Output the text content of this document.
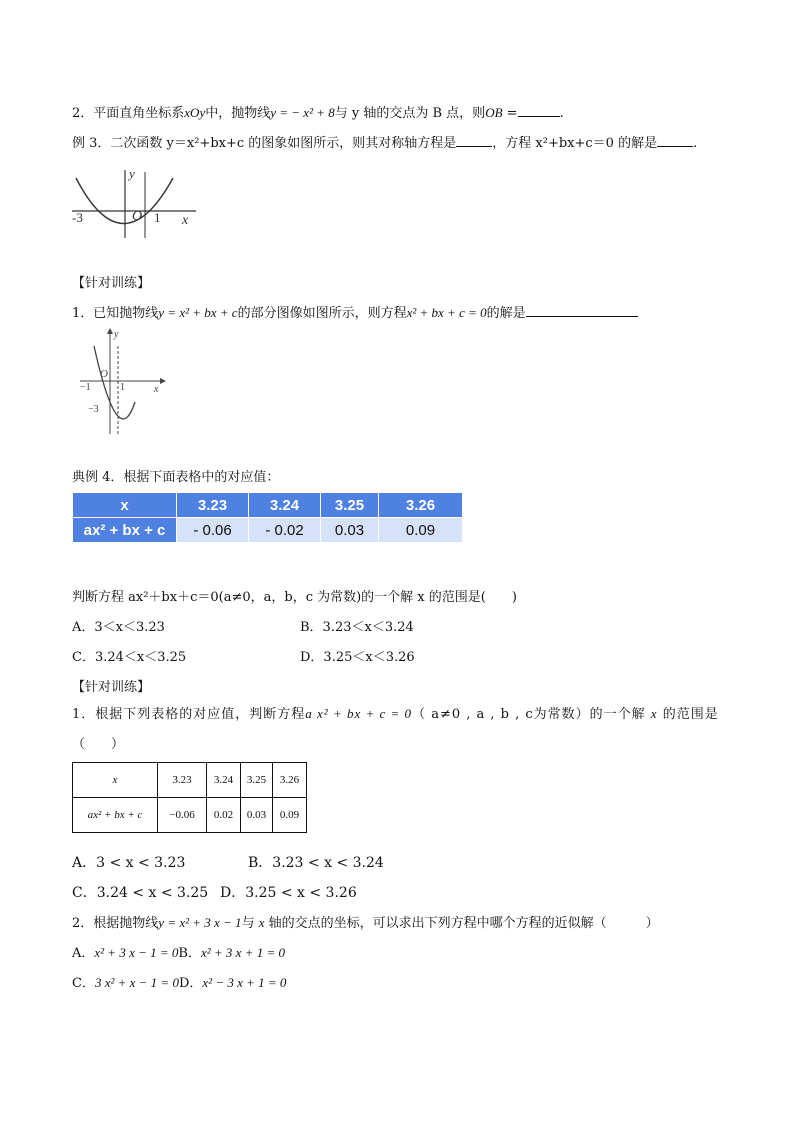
2．平面直角坐标系xOy中，抛物线y = − x² + 8与 y 轴的交点为 B 点，则OB =	.
例 3．二次函数 y＝x²+bx+c 的图象如图所示，则其对称轴方程是	，方程 x²+bx+c＝0 的解是	.
y
x
O
-3	1
【针对训练】
1．已知抛物线y = x² + bx + c的部分图像如图所示，则方程x² + bx + c = 0的解是
y
x
O
−1	1
−3
典例 4．根据下面表格中的对应值：
x	3.23	3.24	3.25	3.26
ax² + bx + c	- 0.06	- 0.02	0.03	0.09
判断方程 ax²＋bx＋c＝0(a≠0，a，b，c 为常数)的一个解 x 的范围是(　　)
A．3＜x＜3.23	B．3.23＜x＜3.24
C．3.24＜x＜3.25	D．3.25＜x＜3.26
【针对训练】
1．根据下列表格的对应值，判断方程a x² + bx + c = 0（ a≠0 , a , b , c为常数）的一个解 x 的范围是
（　　）
x	3.23	3.24	3.25	3.26
ax² + bx + c	−0.06	0.02	0.03	0.09
A．3 < x < 3.23	B．3.23 < x < 3.24
C．3.24 < x < 3.25 D．3.25 < x < 3.26
2．根据抛物线y = x² + 3 x − 1与 x 轴的交点的坐标，可以求出下列方程中哪个方程的近似解（　　　）
A．x² + 3 x − 1 = 0B．x² + 3 x + 1 = 0
C．3 x² + x − 1 = 0D．x² − 3 x + 1 = 0
